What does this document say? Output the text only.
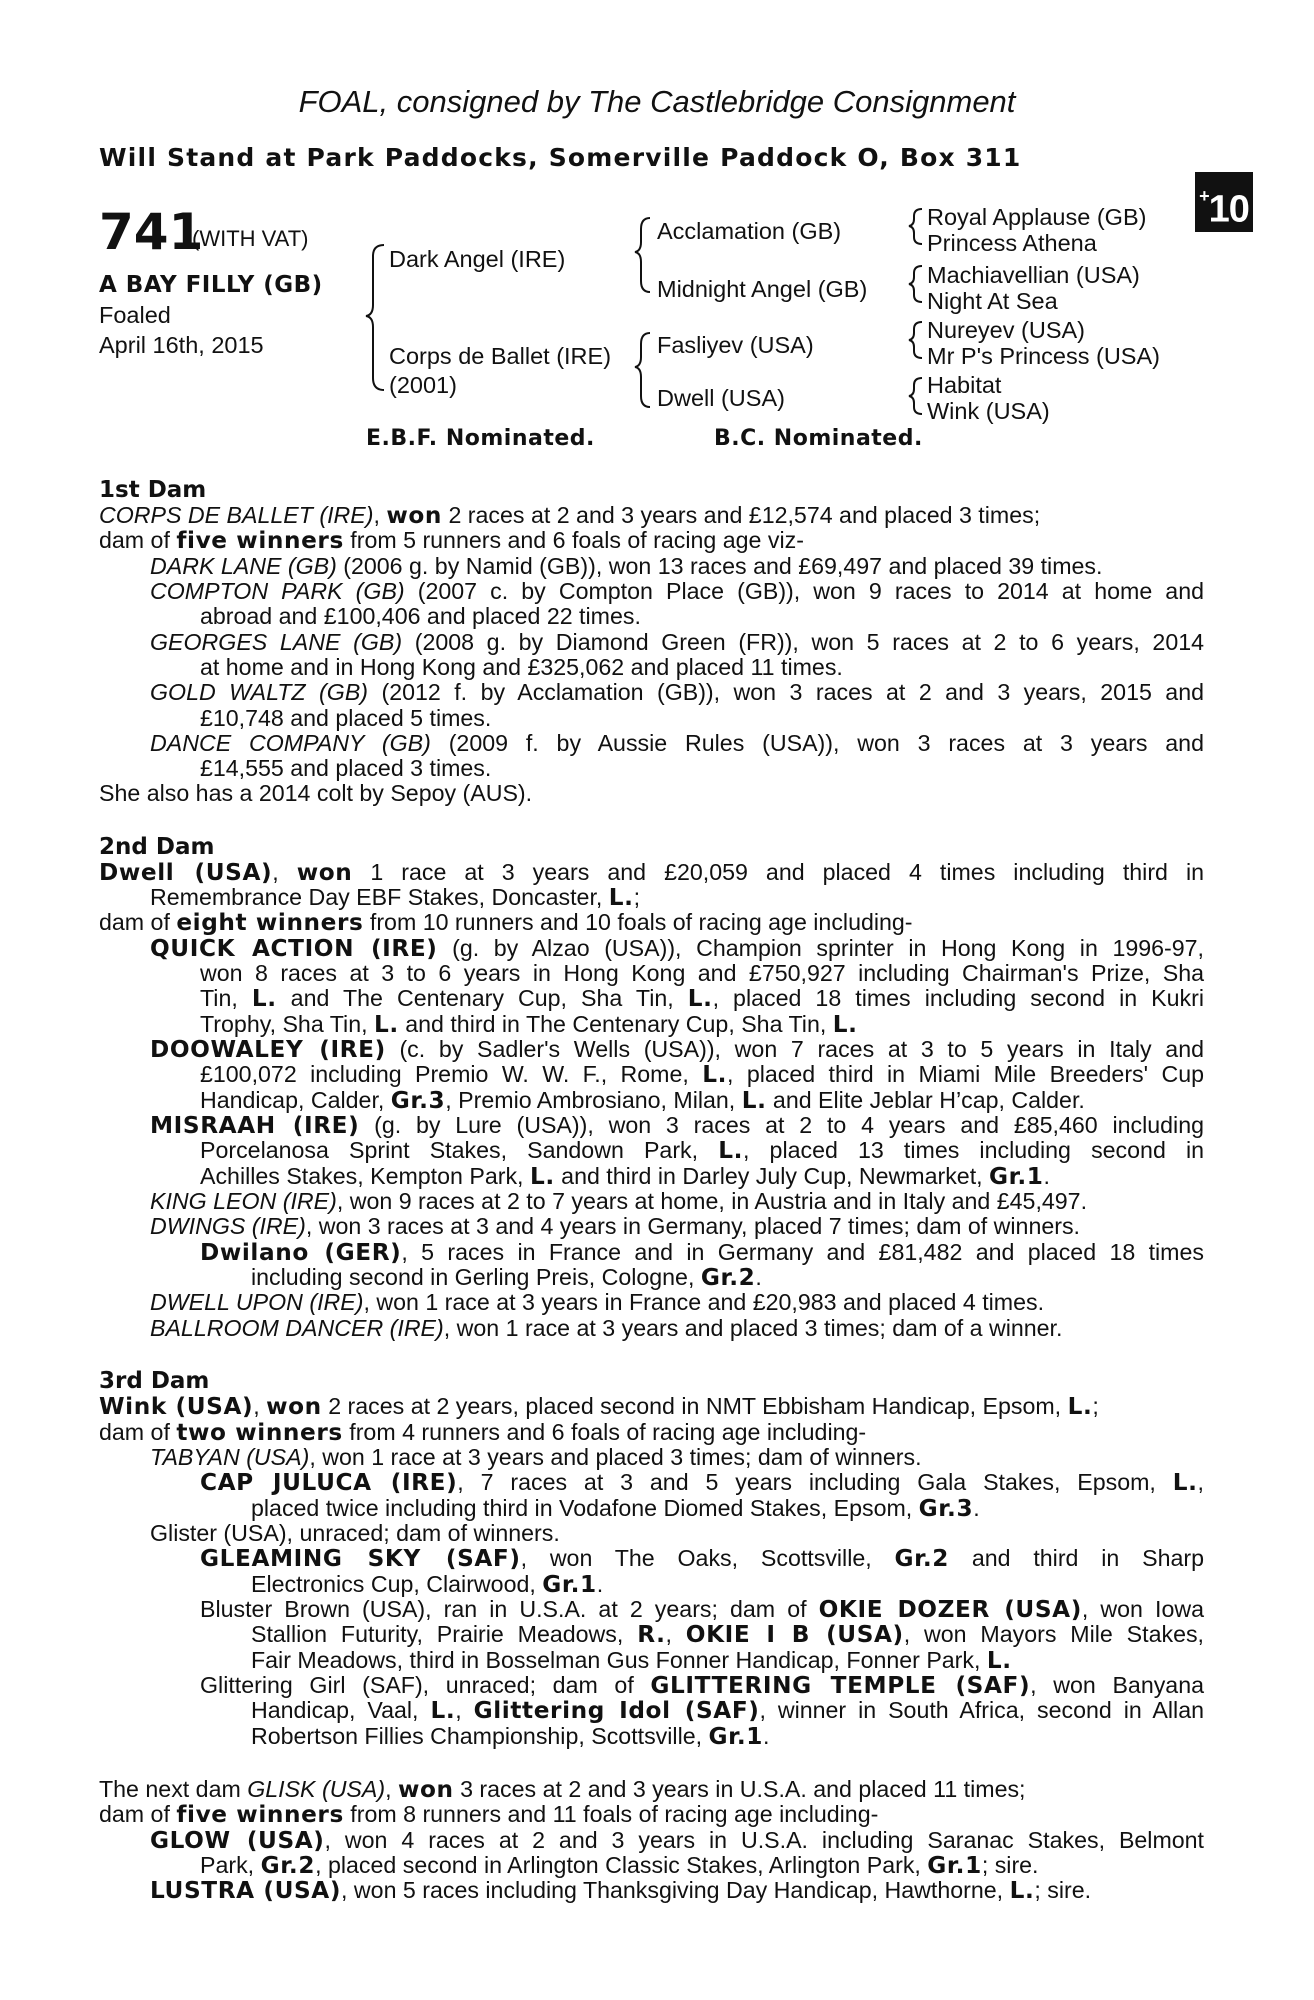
FOAL, consigned by The Castlebridge Consignment
Will Stand at Park Paddocks, Somerville Paddock O, Box 311
+10
741
(WITH VAT)
A BAY FILLY (GB)
Foaled
April 16th, 2015
Dark Angel (IRE)
Corps de Ballet (IRE)
(2001)
Acclamation (GB)
Midnight Angel (GB)
Fasliyev (USA)
Dwell (USA)
Royal Applause (GB)
Princess Athena
Machiavellian (USA)
Night At Sea
Nureyev (USA)
Mr P's Princess (USA)
Habitat
Wink (USA)
E.B.F. Nominated.	B.C. Nominated.
1st Dam
CORPS DE BALLET (IRE), won 2 races at 2 and 3 years and £12,574 and placed 3 times;
dam of five winners from 5 runners and 6 foals of racing age viz-
DARK LANE (GB) (2006 g. by Namid (GB)), won 13 races and £69,497 and placed 39 times.
COMPTON PARK (GB) (2007 c. by Compton Place (GB)), won 9 races to 2014 at home and
abroad and £100,406 and placed 22 times.
GEORGES LANE (GB) (2008 g. by Diamond Green (FR)), won 5 races at 2 to 6 years, 2014
at home and in Hong Kong and £325,062 and placed 11 times.
GOLD WALTZ (GB) (2012 f. by Acclamation (GB)), won 3 races at 2 and 3 years, 2015 and
£10,748 and placed 5 times.
DANCE COMPANY (GB) (2009 f. by Aussie Rules (USA)), won 3 races at 3 years and
£14,555 and placed 3 times.
She also has a 2014 colt by Sepoy (AUS).
2nd Dam
Dwell (USA), won 1 race at 3 years and £20,059 and placed 4 times including third in
Remembrance Day EBF Stakes, Doncaster, L.;
dam of eight winners from 10 runners and 10 foals of racing age including-
QUICK ACTION (IRE) (g. by Alzao (USA)), Champion sprinter in Hong Kong in 1996-97,
won 8 races at 3 to 6 years in Hong Kong and £750,927 including Chairman's Prize, Sha
Tin, L. and The Centenary Cup, Sha Tin, L., placed 18 times including second in Kukri
Trophy, Sha Tin, L. and third in The Centenary Cup, Sha Tin, L.
DOOWALEY (IRE) (c. by Sadler's Wells (USA)), won 7 races at 3 to 5 years in Italy and
£100,072 including Premio W. W. F., Rome, L., placed third in Miami Mile Breeders' Cup
Handicap, Calder, Gr.3, Premio Ambrosiano, Milan, L. and Elite Jeblar H’cap, Calder.
MISRAAH (IRE) (g. by Lure (USA)), won 3 races at 2 to 4 years and £85,460 including
Porcelanosa Sprint Stakes, Sandown Park, L., placed 13 times including second in
Achilles Stakes, Kempton Park, L. and third in Darley July Cup, Newmarket, Gr.1.
KING LEON (IRE), won 9 races at 2 to 7 years at home, in Austria and in Italy and £45,497.
DWINGS (IRE), won 3 races at 3 and 4 years in Germany, placed 7 times; dam of winners.
Dwilano (GER), 5 races in France and in Germany and £81,482 and placed 18 times
including second in Gerling Preis, Cologne, Gr.2.
DWELL UPON (IRE), won 1 race at 3 years in France and £20,983 and placed 4 times.
BALLROOM DANCER (IRE), won 1 race at 3 years and placed 3 times; dam of a winner.
3rd Dam
Wink (USA), won 2 races at 2 years, placed second in NMT Ebbisham Handicap, Epsom, L.;
dam of two winners from 4 runners and 6 foals of racing age including-
TABYAN (USA), won 1 race at 3 years and placed 3 times; dam of winners.
CAP JULUCA (IRE), 7 races at 3 and 5 years including Gala Stakes, Epsom, L.,
placed twice including third in Vodafone Diomed Stakes, Epsom, Gr.3.
Glister (USA), unraced; dam of winners.
GLEAMING SKY (SAF), won The Oaks, Scottsville, Gr.2 and third in Sharp
Electronics Cup, Clairwood, Gr.1.
Bluster Brown (USA), ran in U.S.A. at 2 years; dam of OKIE DOZER (USA), won Iowa
Stallion Futurity, Prairie Meadows, R., OKIE I B (USA), won Mayors Mile Stakes,
Fair Meadows, third in Bosselman Gus Fonner Handicap, Fonner Park, L.
Glittering Girl (SAF), unraced; dam of GLITTERING TEMPLE (SAF), won Banyana
Handicap, Vaal, L., Glittering Idol (SAF), winner in South Africa, second in Allan
Robertson Fillies Championship, Scottsville, Gr.1.
The next dam GLISK (USA), won 3 races at 2 and 3 years in U.S.A. and placed 11 times;
dam of five winners from 8 runners and 11 foals of racing age including-
GLOW (USA), won 4 races at 2 and 3 years in U.S.A. including Saranac Stakes, Belmont
Park, Gr.2, placed second in Arlington Classic Stakes, Arlington Park, Gr.1; sire.
LUSTRA (USA), won 5 races including Thanksgiving Day Handicap, Hawthorne, L.; sire.
